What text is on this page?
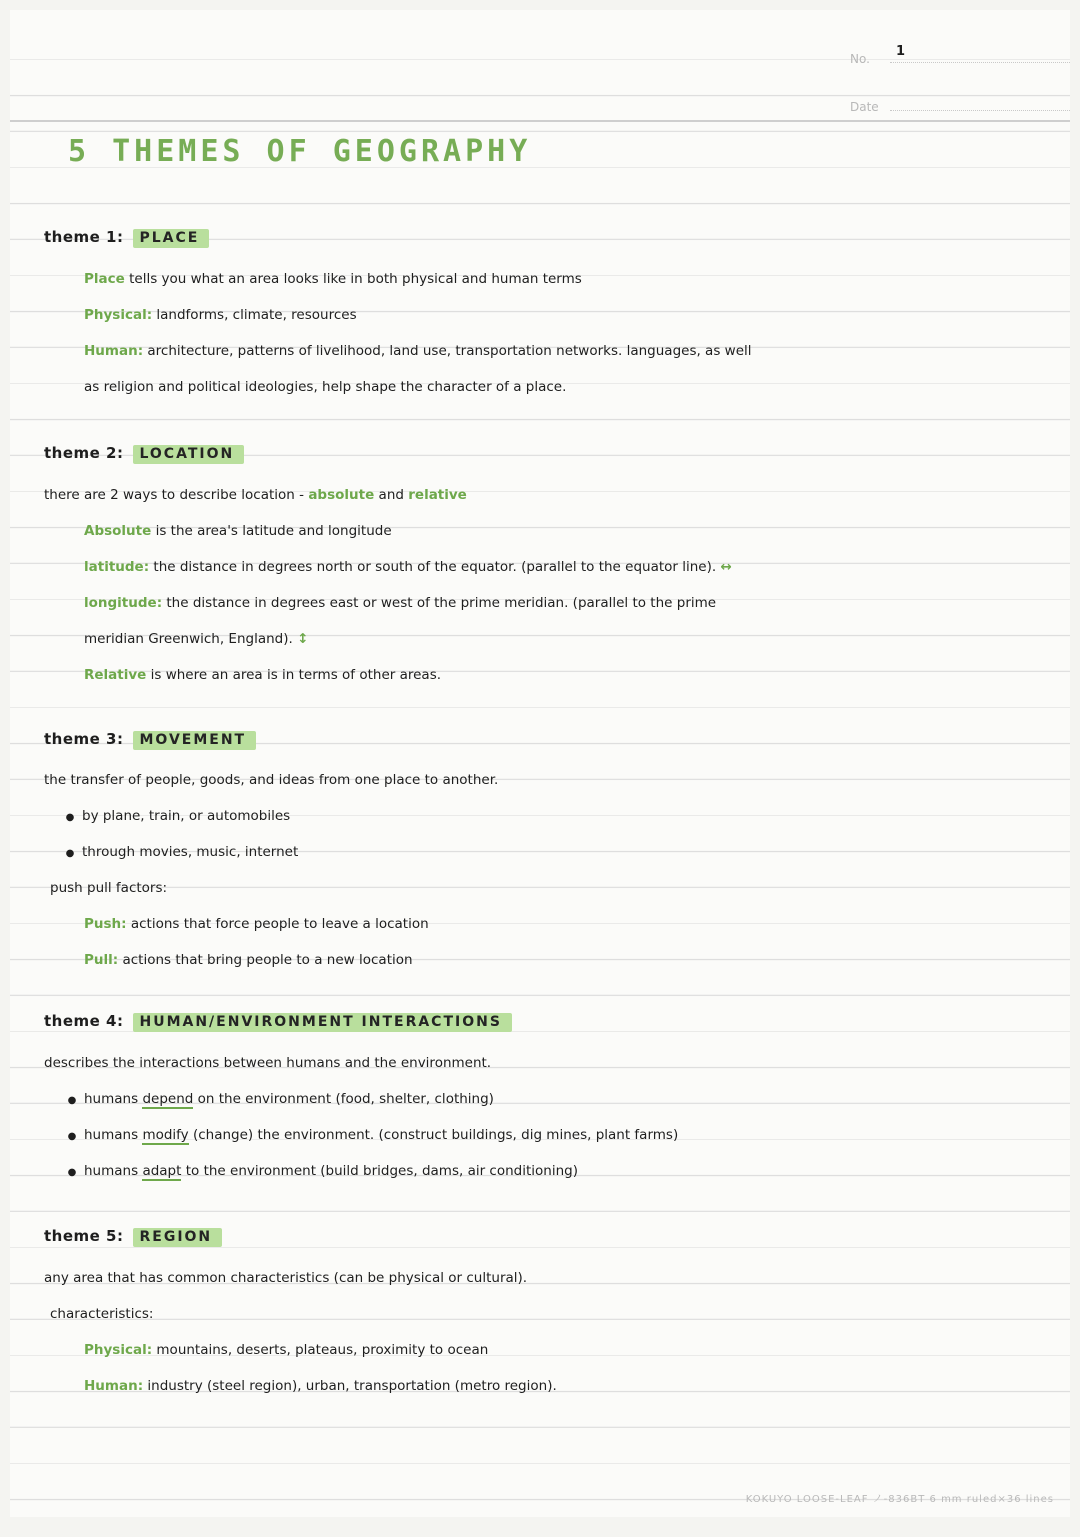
No.	1
Date
5 THEMES OF GEOGRAPHY
theme 1: PLACE
Place tells you what an area looks like in both physical and human terms
Physical: landforms, climate, resources
Human: architecture, patterns of livelihood, land use, transportation networks. languages, as well
as religion and political ideologies, help shape the character of a place.
theme 2: LOCATION
there are 2 ways to describe location - absolute and relative
Absolute is the area's latitude and longitude
latitude: the distance in degrees north or south of the equator. (parallel to the equator line). ↔
longitude: the distance in degrees east or west of the prime meridian. (parallel to the prime
meridian Greenwich, England). ↕
Relative is where an area is in terms of other areas.
theme 3: MOVEMENT
the transfer of people, goods, and ideas from one place to another.
● by plane, train, or automobiles
● through movies, music, internet
push pull factors:
Push: actions that force people to leave a location
Pull: actions that bring people to a new location
theme 4: HUMAN/ENVIRONMENT INTERACTIONS
describes the interactions between humans and the environment.
● humans depend on the environment (food, shelter, clothing)
● humans modify (change) the environment. (construct buildings, dig mines, plant farms)
● humans adapt to the environment (build bridges, dams, air conditioning)
theme 5: REGION
any area that has common characteristics (can be physical or cultural).
characteristics:
Physical: mountains, deserts, plateaus, proximity to ocean
Human: industry (steel region), urban, transportation (metro region).
KOKUYO LOOSE-LEAF ノ-836BT 6 mm ruled×36 lines
